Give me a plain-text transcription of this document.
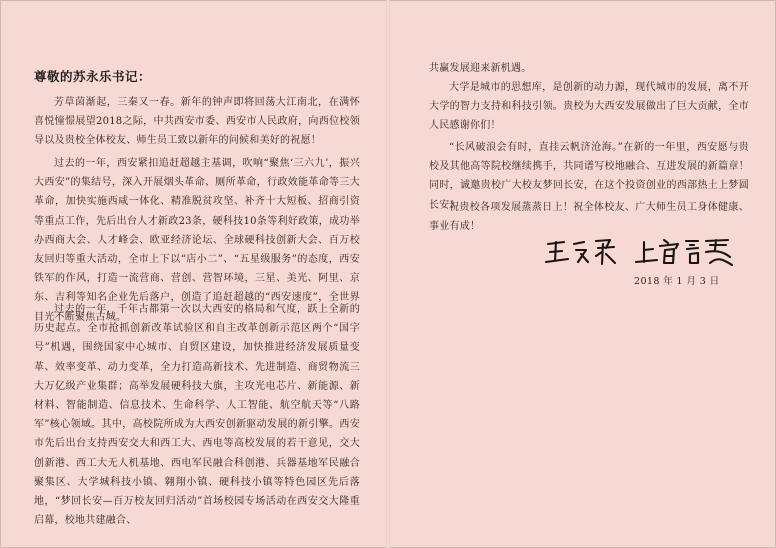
尊敬的苏永乐书记：

芳草茵渐起，三秦又一春。新年的钟声即将回荡大江南北，在满怀喜悦憧憬展望2018之际，中共西安市委、西安市人民政府，向西位校领导以及贵校全体校友、师生员工致以新年的问候和美好的祝愿！

过去的一年，西安紧扣追赶超越主基调，吹响“聚焦‘三六九’，振兴大西安”的集结号，深入开展烟头革命、厕所革命，行政效能革命等三大革命，加快实施西咸一体化、精准脱贫攻坚、补齐十大短板、招商引资等重点工作，先后出台人才新政23条，硬科技10条等利好政策，成功举办西商大会、人才峰会、欧亚经济论坛、全球硬科技创新大会、百万校友回归等重大活动，全市上下以“店小二”、“五星级服务”的态度，西安铁军的作风，打造一流营商、营创、营智环境，三星、美光、阿里、京东、吉利等知名企业先后落户，创造了追赶超越的“西安速度”，全世界目光不断聚焦古城。

过去的一年，千年古都第一次以大西安的格局和气度，跃上全新的历史起点。全市抢抓创新改革试验区和自主改革创新示范区两个“国字号”机遇，围绕国家中心城市、自贸区建设，加快推进经济发展质量变革、效率变革、动力变革，全力打造高新技术、先进制造、商贸物流三大万亿级产业集群；高举发展硬科技大旗，主攻光电芯片、新能源、新材料、智能制造、信息技术、生命科学、人工智能、航空航天等“八路军”核心领域。其中，高校院所成为大西安创新驱动发展的新引擎。西安市先后出台支持西安交大和西工大、西电等高校发展的若干意见，交大创新港、西工大无人机基地、西电军民融合科创港、兵器基地军民融合聚集区、大学城科技小镇、翱翔小镇、硬科技小镇等特色园区先后落地，“梦回长安—百万校友回归活动”首场校园专场活动在西安交大隆重启幕，校地共建融合、

共赢发展迎来新机遇。

大学是城市的思想库，是创新的动力源，现代城市的发展，离不开大学的智力支持和科技引领。贵校为大西安发展做出了巨大贡献，全市人民感谢你们！

“长风破浪会有时，直挂云帆济沧海。”在新的一年里，西安愿与贵校及其他高等院校继续携手，共同谱写校地融合、互进发展的新篇章！同时，诚邀贵校广大校友梦回长安，在这个投资创业的西部热土上梦圆长安！

祝贵校各项发展蒸蒸日上！祝全体校友、广大师生员工身体健康、事业有成！

2018 年 1 月 3 日
